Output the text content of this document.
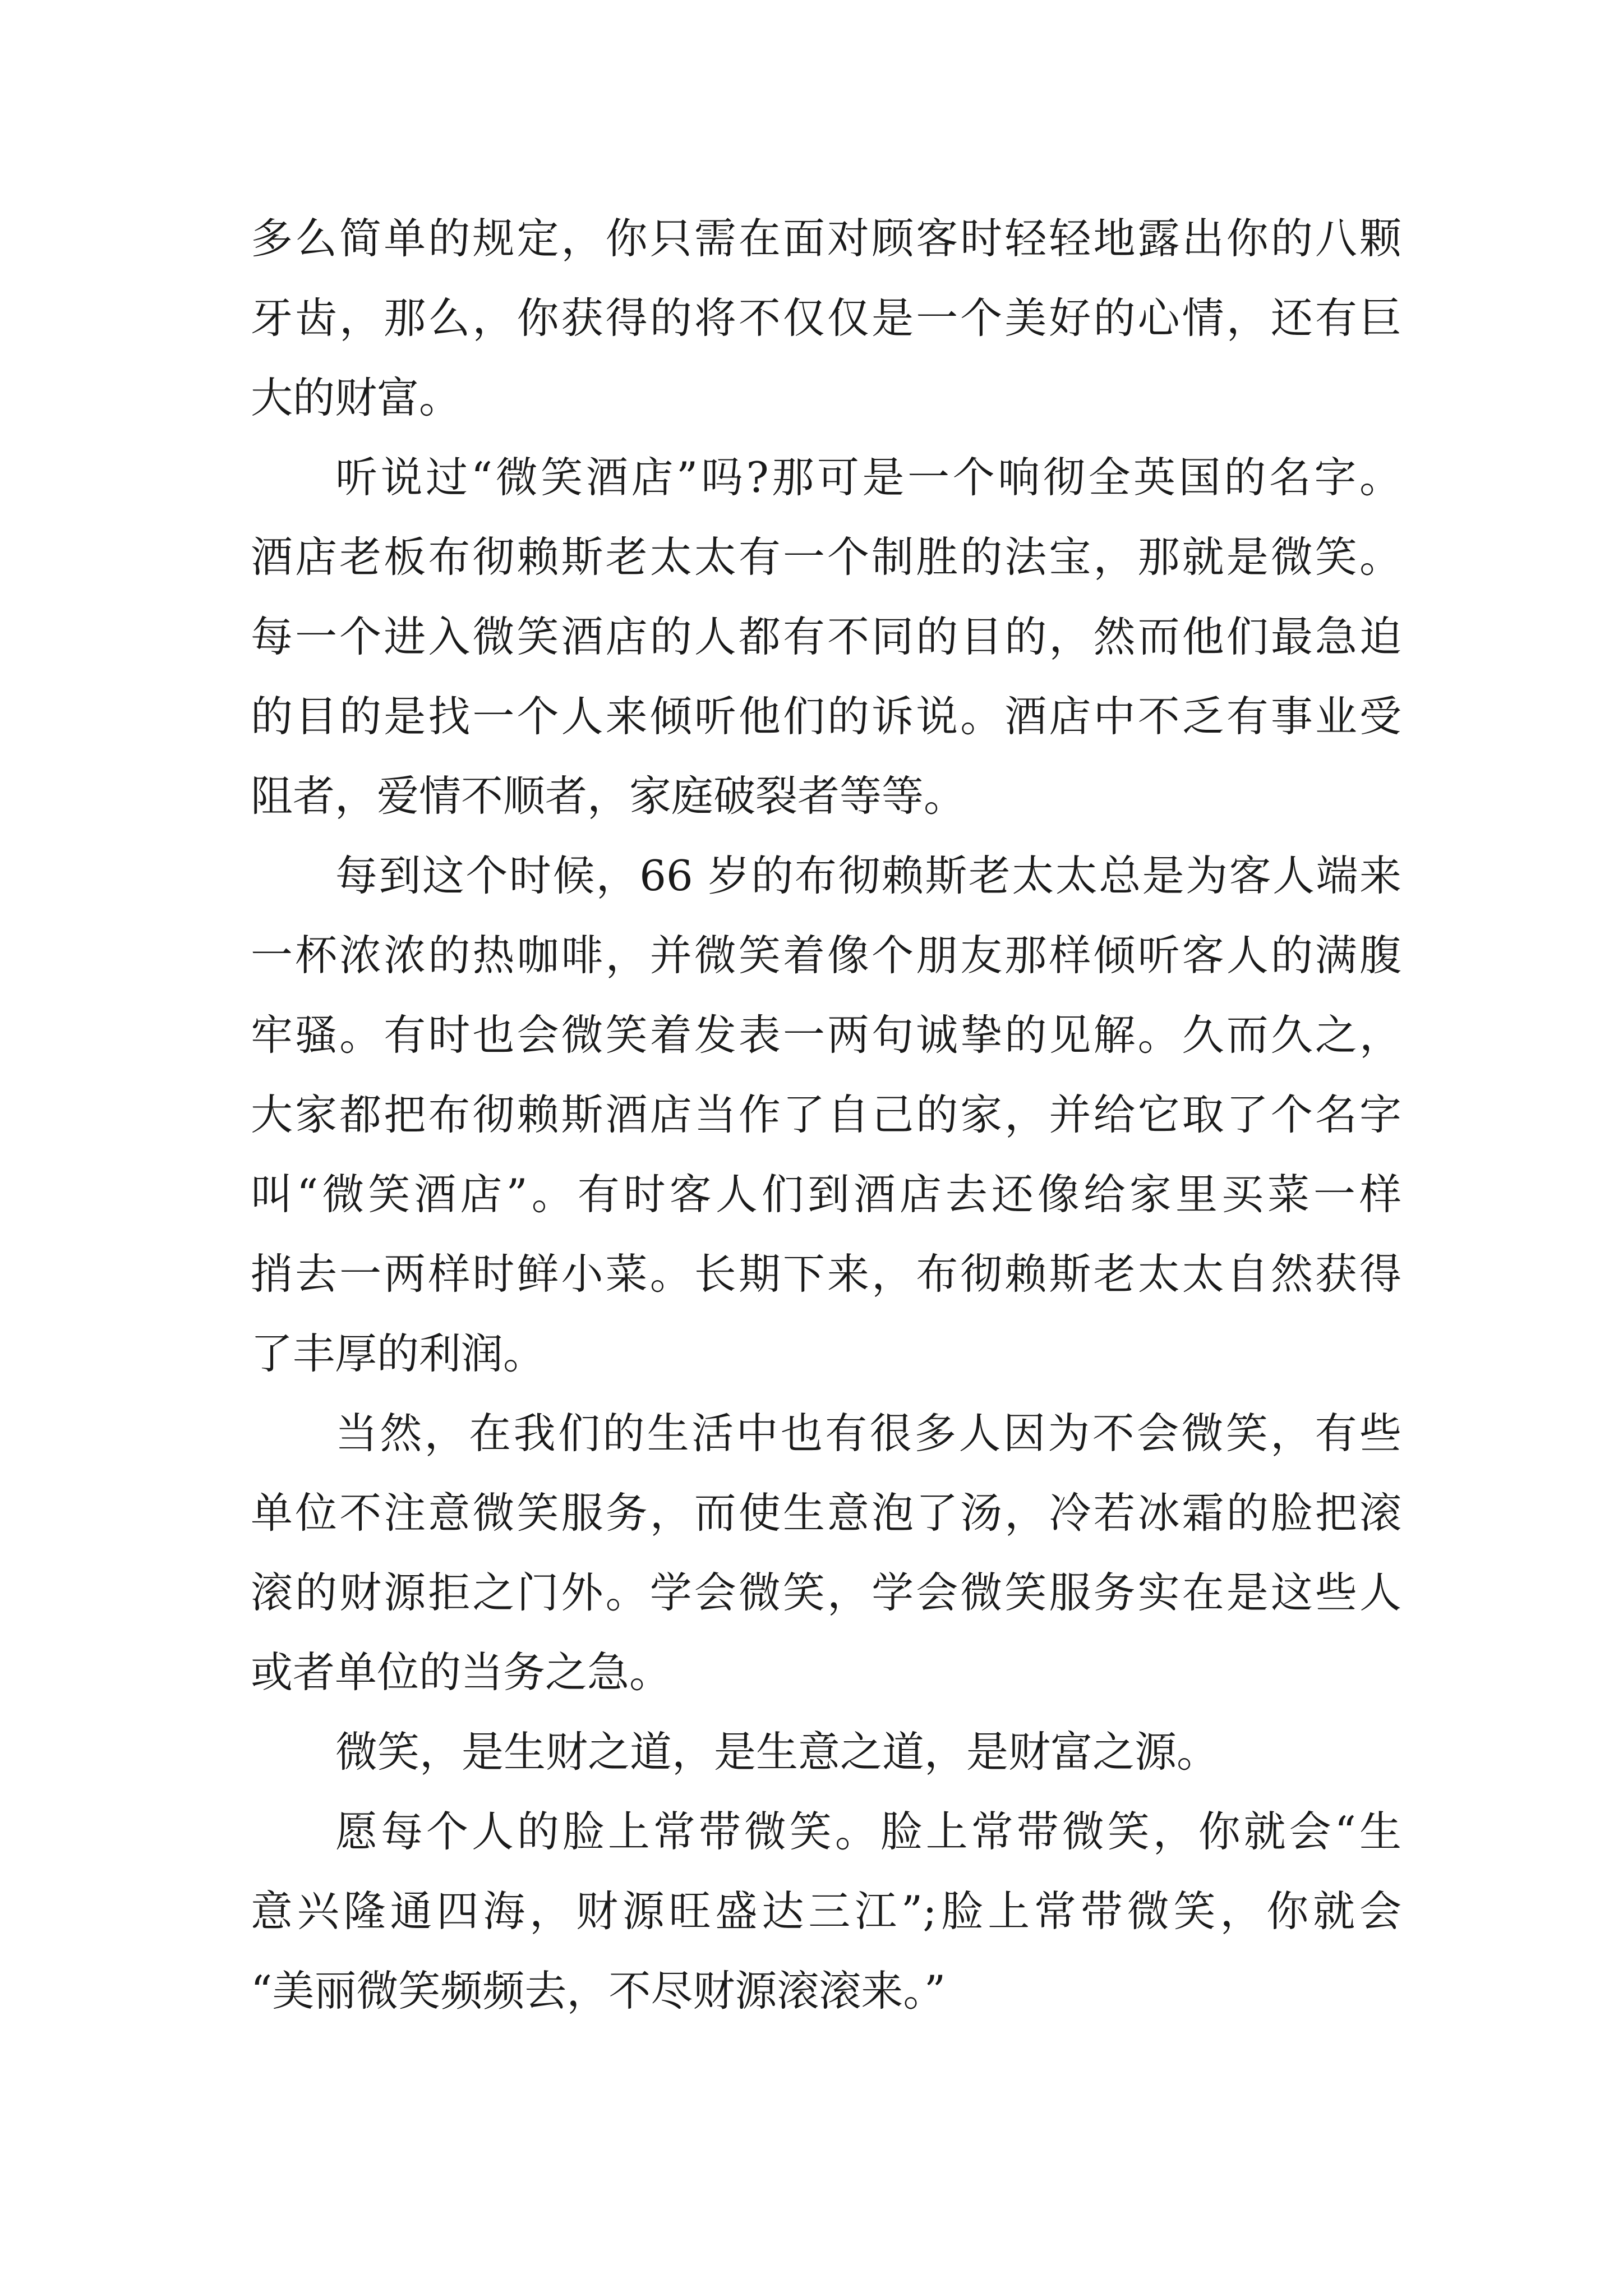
多么简单的规定，你只需在面对顾客时轻轻地露出你的八颗
牙齿，那么，你获得的将不仅仅是一个美好的心情，还有巨
大的财富。
听说过“微笑酒店”吗?那可是一个响彻全英国的名字。
酒店老板布彻赖斯老太太有一个制胜的法宝，那就是微笑。
每一个进入微笑酒店的人都有不同的目的，然而他们最急迫
的目的是找一个人来倾听他们的诉说。酒店中不乏有事业受
阻者，爱情不顺者，家庭破裂者等等。
每到这个时候，66 岁的布彻赖斯老太太总是为客人端来
一杯浓浓的热咖啡，并微笑着像个朋友那样倾听客人的满腹
牢骚。有时也会微笑着发表一两句诚挚的见解。久而久之，
大家都把布彻赖斯酒店当作了自己的家，并给它取了个名字
叫“微笑酒店”。有时客人们到酒店去还像给家里买菜一样
捎去一两样时鲜小菜。长期下来，布彻赖斯老太太自然获得
了丰厚的利润。
当然，在我们的生活中也有很多人因为不会微笑，有些
单位不注意微笑服务，而使生意泡了汤，冷若冰霜的脸把滚
滚的财源拒之门外。学会微笑，学会微笑服务实在是这些人
或者单位的当务之急。
微笑，是生财之道，是生意之道，是财富之源。
愿每个人的脸上常带微笑。脸上常带微笑，你就会“生
意兴隆通四海，财源旺盛达三江”;脸上常带微笑，你就会
“美丽微笑频频去，不尽财源滚滚来。”
